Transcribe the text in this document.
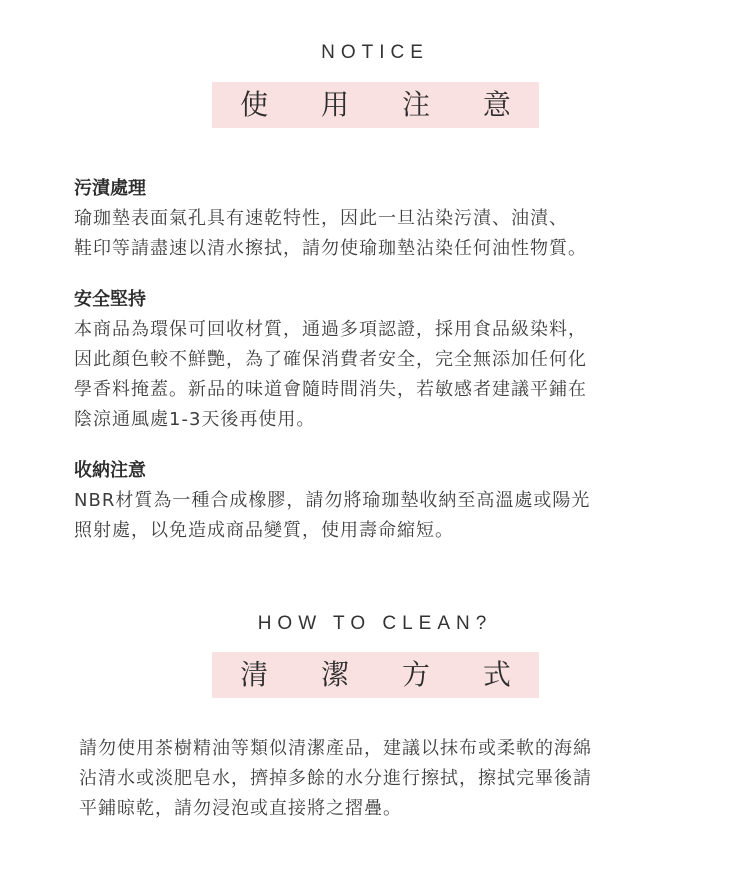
NOTICE
使 用 注 意

污漬處理

瑜珈墊表面氣孔具有速乾特性，因此一旦沾染污漬、油漬、
鞋印等請盡速以清水擦拭，請勿使瑜珈墊沾染任何油性物質。

安全堅持

本商品為環保可回收材質，通過多項認證，採用食品級染料，
因此顏色較不鮮艷，為了確保消費者安全，完全無添加任何化
學香料掩蓋。新品的味道會隨時間消失，若敏感者建議平鋪在
陰涼通風處1-3天後再使用。

收納注意

NBR材質為一種合成橡膠，請勿將瑜珈墊收納至高溫處或陽光
照射處，以免造成商品變質，使用壽命縮短。

HOW TO CLEAN?
清 潔 方 式

請勿使用茶樹精油等類似清潔產品，建議以抹布或柔軟的海綿
沾清水或淡肥皂水，擠掉多餘的水分進行擦拭，擦拭完畢後請
平鋪晾乾，請勿浸泡或直接將之摺疊。
